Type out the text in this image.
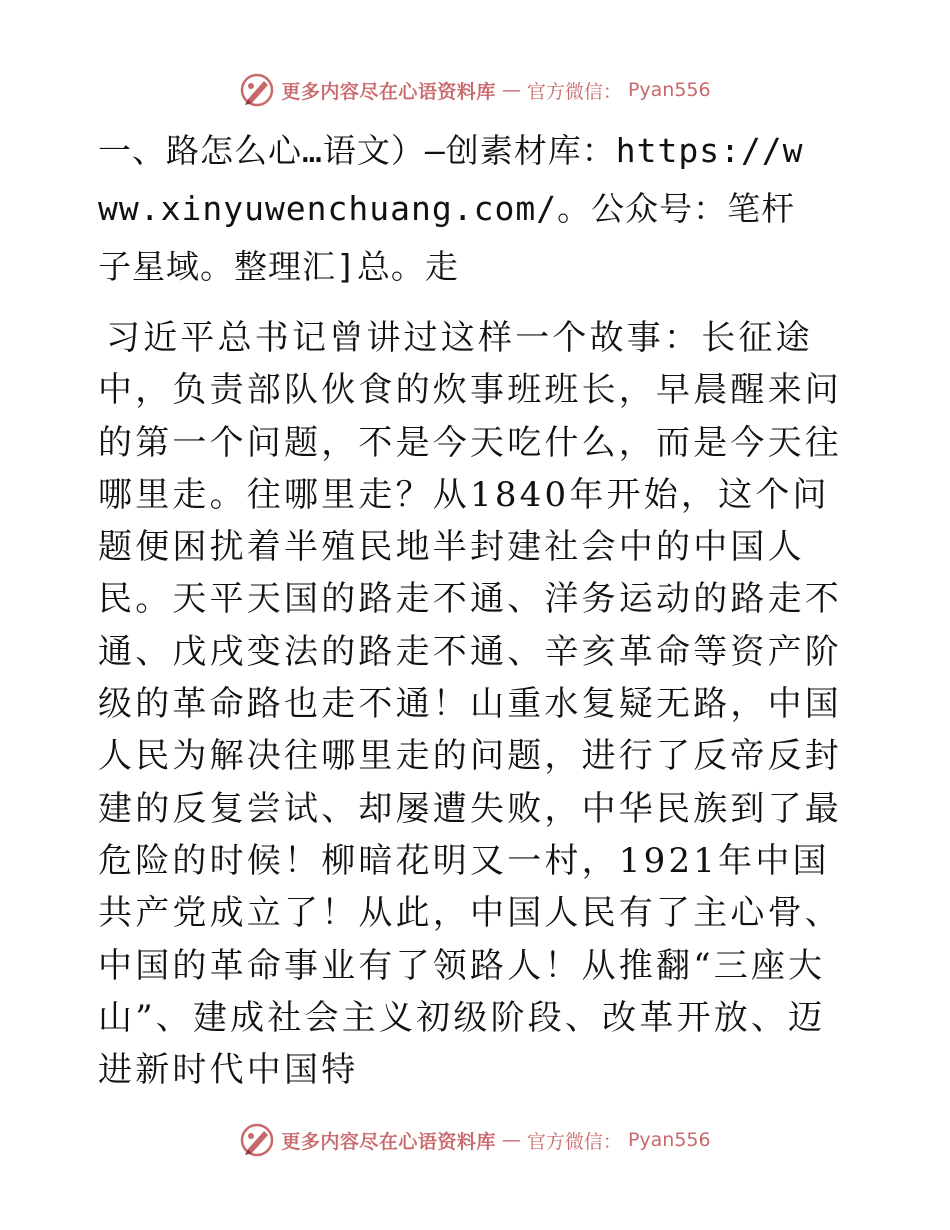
更多内容尽在心语资料库 — 官方微信： Pyan556
一、路怎么心…语文）—创素材库：https://www.xinyuwenchuang.com/。公众号：笔杆子星域。整理汇]总。走
习近平总书记曾讲过这样一个故事：长征途中，负责部队伙食的炊事班班长，早晨醒来问的第一个问题，不是今天吃什么，而是今天往哪里走。往哪里走？从1840年开始，这个问题便困扰着半殖民地半封建社会中的中国人民。天平天国的路走不通、洋务运动的路走不通、戊戌变法的路走不通、辛亥革命等资产阶级的革命路也走不通！山重水复疑无路，中国人民为解决往哪里走的问题，进行了反帝反封建的反复尝试、却屡遭失败，中华民族到了最危险的时候！柳暗花明又一村，1921年中国共产党成立了！从此，中国人民有了主心骨、中国的革命事业有了领路人！从推翻“三座大山”、建成社会主义初级阶段、改革开放、迈进新时代中国特
更多内容尽在心语资料库 — 官方微信： Pyan556
